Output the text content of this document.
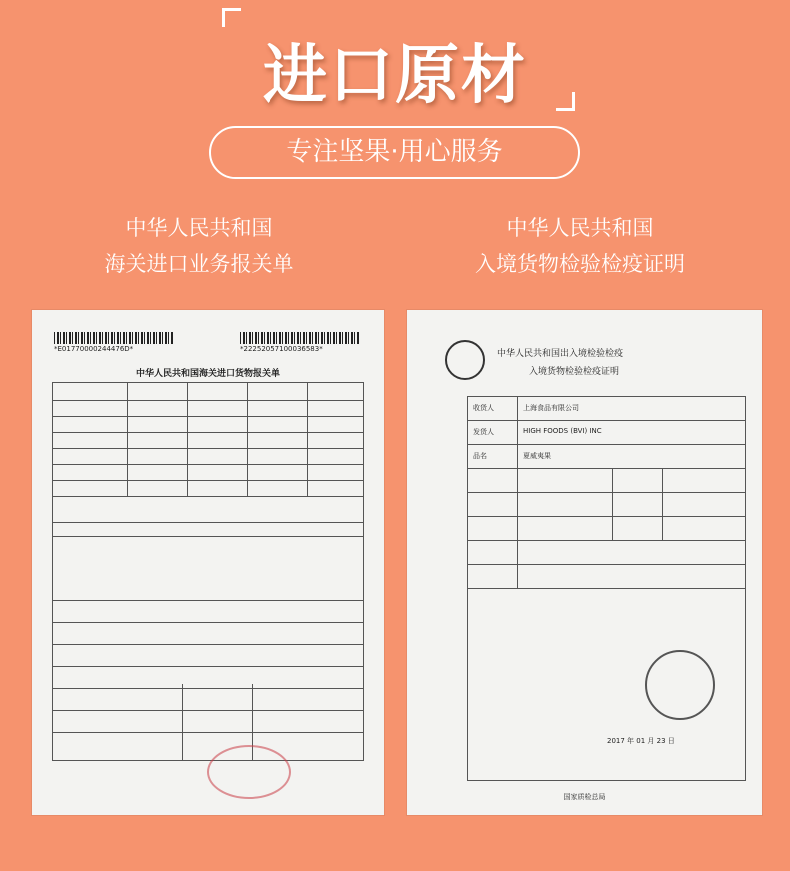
进口原材
专注坚果·用心服务
中华人民共和国
海关进口业务报关单
中华人民共和国
入境货物检验检疫证明
*E01770000244476D*	*22252057100036583*
中华人民共和国海关进口货物报关单
中华人民共和国出入境检验检疫
入境货物检验检疫证明
收货人	上海食品有限公司
发货人	HIGH FOODS (BVI) INC
品名	夏威夷果
2017 年 01 月 23 日
国家质检总局
